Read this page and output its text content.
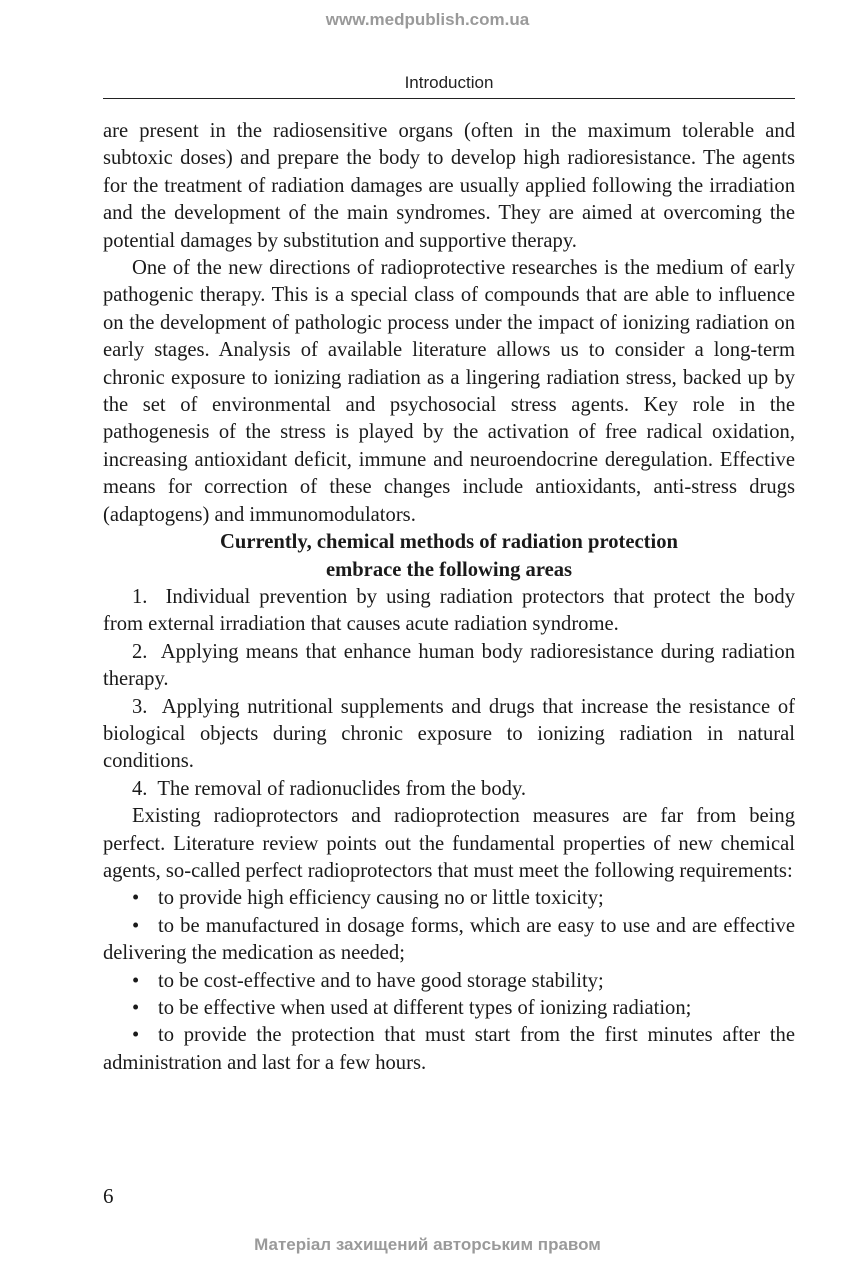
www.medpublish.com.ua
Introduction

are present in the radiosensitive organs (often in the maximum tolerable and subtoxic doses) and prepare the body to develop high radioresistance. The agents for the treatment of radiation damages are usually applied following the irradiation and the development of the main syndromes. They are aimed at overcoming the potential damages by substitution and supportive therapy.

One of the new directions of radioprotective researches is the medium of early pathogenic therapy. This is a special class of compounds that are able to influence on the development of pathologic process under the impact of ionizing radiation on early stages. Analysis of available literature allows us to consider a long-term chronic exposure to ionizing radiation as a lingering radiation stress, backed up by the set of environmental and psychosocial stress agents. Key role in the pathogenesis of the stress is played by the activation of free radical oxidation, increasing antioxidant deficit, immune and neuroendocrine deregulation. Effective means for correction of these changes include antioxidants, anti-stress drugs (adaptogens) and immunomodulators.

Currently, chemical methods of radiation protection
embrace the following areas

1. Individual prevention by using radiation protectors that protect the body from external irradiation that causes acute radiation syndrome.

2. Applying means that enhance human body radioresistance during radiation therapy.

3. Applying nutritional supplements and drugs that increase the resistance of biological objects during chronic exposure to ionizing radiation in natural conditions.

4. The removal of radionuclides from the body.

Existing radioprotectors and radioprotection measures are far from being perfect. Literature review points out the fundamental properties of new chemical agents, so-called perfect radioprotectors that must meet the following requirements:

• to provide high efficiency causing no or little toxicity;

• to be manufactured in dosage forms, which are easy to use and are effective delivering the medication as needed;

• to be cost-effective and to have good storage stability;

• to be effective when used at different types of ionizing radiation;

• to provide the protection that must start from the first minutes after the administration and last for a few hours.

6
Матеріал захищений авторським правом
